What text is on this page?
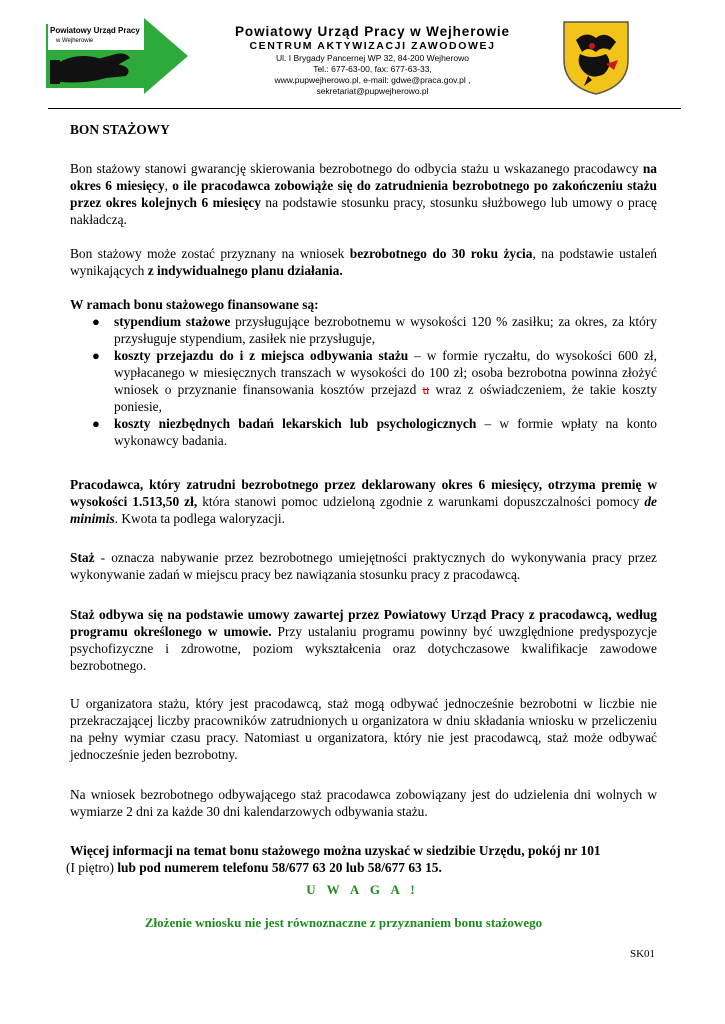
Powiatowy Urząd Pracy
w Wejherowie
Powiatowy Urząd Pracy w Wejherowie
CENTRUM AKTYWIZACJI ZAWODOWEJ
Ul. I Brygady Pancernej WP 32, 84-200 Wejherowo
Tel.: 677-63-00, fax: 677-63-33,
www.pupwejherowo.pl, e-mail: gdwe@praca.gov.pl ,
sekretariat@pupwejherowo.pl

BON STAŻOWY

Bon stażowy stanowi gwarancję skierowania bezrobotnego do odbycia stażu u wskazanego pracodawcy na okres 6 miesięcy, o ile pracodawca zobowiąże się do zatrudnienia bezrobotnego po zakończeniu stażu przez okres kolejnych 6 miesięcy na podstawie stosunku pracy, stosunku służbowego lub umowy o pracę nakładczą.

Bon stażowy może zostać przyznany na wniosek bezrobotnego do 30 roku życia, na podstawie ustaleń wynikających z indywidualnego planu działania.

W ramach bonu stażowego finansowane są:

● stypendium stażowe przysługujące bezrobotnemu w wysokości 120 % zasiłku; za okres, za który przysługuje stypendium, zasiłek nie przysługuje,
● koszty przejazdu do i z miejsca odbywania stażu – w formie ryczałtu, do wysokości 600 zł, wypłacanego w miesięcznych transzach w wysokości do 100 zł; osoba bezrobotna powinna złożyć wniosek o przyznanie finansowania kosztów przejazd u wraz z oświadczeniem, że takie koszty poniesie,
● koszty niezbędnych badań lekarskich lub psychologicznych – w formie wpłaty na konto wykonawcy badania.

Pracodawca, który zatrudni bezrobotnego przez deklarowany okres 6 miesięcy, otrzyma premię w wysokości 1.513,50 zł, która stanowi pomoc udzieloną zgodnie z warunkami dopuszczalności pomocy de minimis. Kwota ta podlega waloryzacji.

Staż - oznacza nabywanie przez bezrobotnego umiejętności praktycznych do wykonywania pracy przez wykonywanie zadań w miejscu pracy bez nawiązania stosunku pracy z pracodawcą.

Staż odbywa się na podstawie umowy zawartej przez Powiatowy Urząd Pracy z pracodawcą, według programu określonego w umowie. Przy ustalaniu programu powinny być uwzględnione predyspozycje psychofizyczne i zdrowotne, poziom wykształcenia oraz dotychczasowe kwalifikacje zawodowe bezrobotnego.

U organizatora stażu, który jest pracodawcą, staż mogą odbywać jednocześnie bezrobotni w liczbie nie przekraczającej liczby pracowników zatrudnionych u organizatora w dniu składania wniosku w przeliczeniu na pełny wymiar czasu pracy. Natomiast u organizatora, który nie jest pracodawcą, staż może odbywać jednocześnie jeden bezrobotny.

Na wniosek bezrobotnego odbywającego staż pracodawca zobowiązany jest do udzielenia dni wolnych w wymiarze 2 dni za każde 30 dni kalendarzowych odbywania stażu.

Więcej informacji na temat bonu stażowego można uzyskać w siedzibie Urzędu, pokój nr 101
(I piętro) lub pod numerem telefonu 58/677 63 20 lub 58/677 63 15.

U W A G A !
Złożenie wniosku nie jest równoznaczne z przyznaniem bonu stażowego
SK01
